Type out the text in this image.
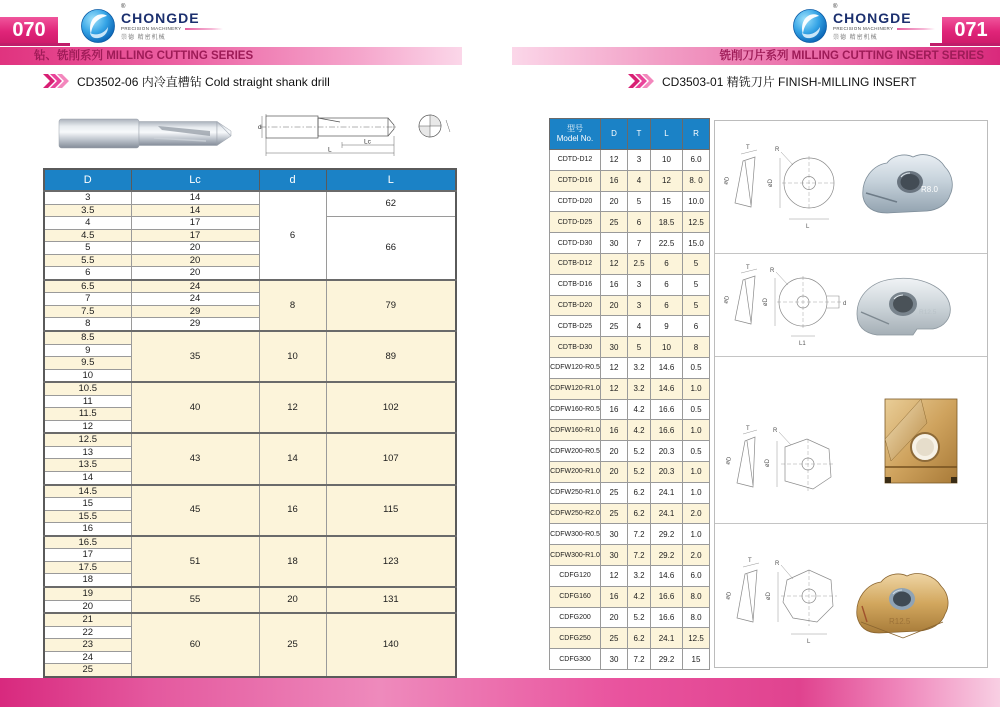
070	071
®
CHONGDE
PRECISION MACHINERY
崇德 精密机械
®
CHONGDE
PRECISION MACHINERY
崇德 精密机械
钻、铣削系列 MILLING CUTTING SERIES	铣削刀片系列 MILLING CUTTING INSERT SERIES
CD3502-06 内冷直槽钻 Cold straight shank drill	CD3503-01 精铣刀片 FINISH-MILLING INSERT
d
Lc
L
D	Lc	d	L
3	14	6	62
3.5	14		
4	17		66
4.5	17		
5	20		
5.5	20		
6	20		
6.5	24	8	79
7	24		
7.5	29		
8	29		
8.5	35	10	89
9			
9.5			
10			
10.5	40	12	102
11			
11.5			
12			
12.5	43	14	107
13			
13.5			
14			
14.5	45	16	115
15			
15.5			
16			
16.5	51	18	123
17			
17.5			
18			
19	55	20	131
20			
21	60	25	140
22			
23			
24			
25			
型号
Model No.	D	T	L	R
CDTD-D12	12	3	10	6.0
CDTD-D16	16	4	12	8. 0
CDTD-D20	20	5	15	10.0
CDTD-D25	25	6	18.5	12.5
CDTD-D30	30	7	22.5	15.0
CDTB-D12	12	2.5	6	5
CDTB-D16	16	3	6	5
CDTB-D20	20	3	6	5
CDTB-D25	25	4	9	6
CDTB-D30	30	5	10	8
CDFW120-R0.5	12	3.2	14.6	0.5
CDFW120-R1.0	12	3.2	14.6	1.0
CDFW160-R0.5	16	4.2	16.6	0.5
CDFW160-R1.0	16	4.2	16.6	1.0
CDFW200-R0.5	20	5.2	20.3	0.5
CDFW200-R1.0	20	5.2	20.3	1.0
CDFW250-R1.0	25	6.2	24.1	1.0
CDFW250-R2.0	25	6.2	24.1	2.0
CDFW300-R0.5	30	7.2	29.2	1.0
CDFW300-R1.0	30	7.2	29.2	2.0
CDFG120	12	3.2	14.6	6.0
CDFG160	16	4.2	16.6	8.0
CDFG200	20	5.2	16.6	8.0
CDFG250	25	6.2	24.1	12.5
CDFG300	30	7.2	29.2	15
T
øD
R
øD
L
R8.0
T
øD
R
øD	d
L1
R12.5
T
øD
R
øD
T
øD
R
øD
L
R12.5
